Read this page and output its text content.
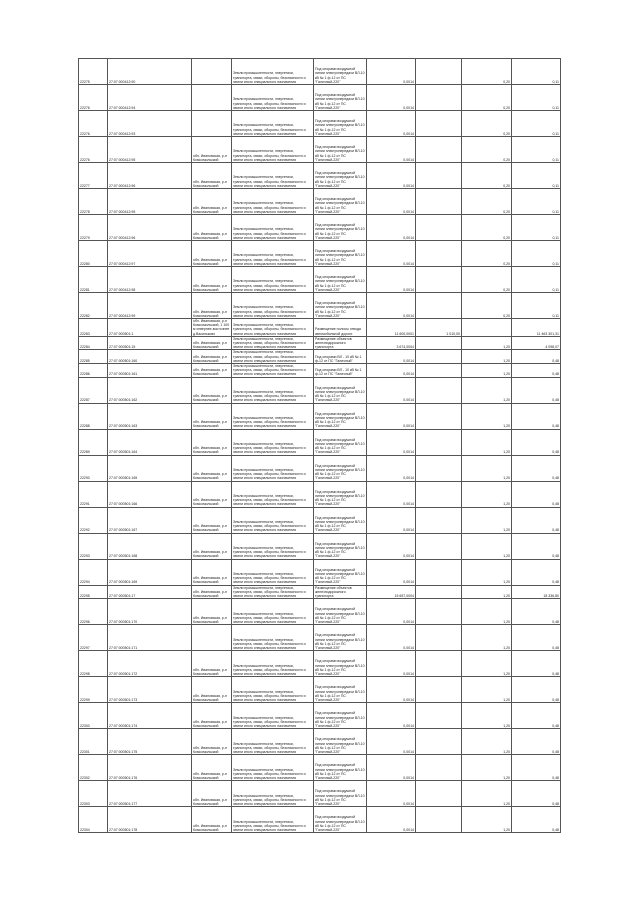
22275	27:07:000412:90		Земли промышленности, энергетики, транспорта, связи, обороны, безопасности и земли иного специального назначения	Под опорами воздушной линии электропередачи ВЛ-10 кВ № 1 ф-12 от ПС "Галичный-220"	0,0014		0,20	0,11
22276	27:07:000412:94		Земли промышленности, энергетики, транспорта, связи, обороны, безопасности и земли иного специального назначения	Под опорами воздушной линии электропередачи ВЛ-10 кВ № 1 ф-12 от ПС "Галичный-220"	0,0014		0,20	0,11
22276	27:07:000412:93		Земли промышленности, энергетики, транспорта, связи, обороны, безопасности и земли иного специального назначения	Под опорами воздушной линии электропередачи ВЛ-10 кВ № 1 ф-12 от ПС "Галичный-220"	0,0014		0,20	0,11
22276	27:07:000412:95	обл. Ивановская, р-н Комсомольский	Земли промышленности, энергетики, транспорта, связи, обороны, безопасности и земли иного специального назначения	Под опорами воздушной линии электропередачи ВЛ-10 кВ № 1 ф-12 от ПС "Галичный-220"	0,0014		0,20	0,11
22277	27:07:000412:96	обл. Ивановская, р-н Комсомольский	Земли промышленности, энергетики, транспорта, связи, обороны, безопасности и земли иного специального назначения	Под опорами воздушной линии электропередачи ВЛ-10 кВ № 1 ф-12 от ПС "Галичный-220"	0,0014		0,20	0,11
22278	27:07:000412:95	обл. Ивановская, р-н Комсомольский	Земли промышленности, энергетики, транспорта, связи, обороны, безопасности и земли иного специального назначения	Под опорами воздушной линии электропередачи ВЛ-10 кВ № 1 ф-12 от ПС "Галичный-220"	0,0014		0,20	0,11
22279	27:07:000412:96	обл. Ивановская, р-н Комсомольский	Земли промышленности, энергетики, транспорта, связи, обороны, безопасности и земли иного специального назначения	Под опорами воздушной линии электропередачи ВЛ-10 кВ № 1 ф-12 от ПС "Галичный-220"	0,0014		0,20	0,11
22280	27:07:000412:97	обл. Ивановская, р-н Комсомольский	Земли промышленности, энергетики, транспорта, связи, обороны, безопасности и земли иного специального назначения	Под опорами воздушной линии электропередачи ВЛ-10 кВ № 1 ф-12 от ПС "Галичный-220"	0,0014		0,20	0,11
22281	27:07:000412:98	обл. Ивановская, р-н Комсомольский	Земли промышленности, энергетики, транспорта, связи, обороны, безопасности и земли иного специального назначения	Под опорами воздушной линии электропередачи ВЛ-10 кВ № 1 ф-12 от ПС "Галичный-220"	0,0014		0,20	0,11
22282	27:07:000412:99	обл. Ивановская, р-н Комсомольский	Земли промышленности, энергетики, транспорта, связи, обороны, безопасности и земли иного специального назначения	Под опорами воздушной линии электропередачи ВЛ-10 кВ № 1 ф-12 от ПС "Галичный-220"	0,0014		0,20	0,11
22283	27:07:000501:1	обл. Ивановская, р-н Комсомольский, 1 100 м севернее-восточнее д.Васильково	Земли промышленности, энергетики, транспорта, связи, обороны, безопасности и земли иного специального назначения	Размещение полосы отвода автомобильной дороги	11 600,0001	1 010,00		11 463 301,31
22284	27:07:000501:15	обл. Ивановская, р-н Комсомольский	Земли промышленности, энергетики, транспорта, связи, обороны, безопасности и земли иного специального назначения	Размещение объектов железнодорожного транспорта	3 674,0004		1,20	4 098,07
22285	27:07:000501:160	обл. Ивановская, р-н Комсомольский	Земли промышленности, энергетики, транспорта, связи, обороны, безопасности и земли иного специального назначения	Под опорами ВЛ - 10 кВ № 1 ф-12 от ПС "Галичный"	0,0014		1,20	0,48
22286	27:07:000501:161	обл. Ивановская, р-н Комсомольский	Земли промышленности, энергетики, транспорта, связи, обороны, безопасности и земли иного специального назначения	Под опорами ВЛ - 10 кВ № 1 ф-12 от ПС "Галичный"	0,0014		1,20	0,48
22287	27:07:000501:162	обл. Ивановская, р-н Комсомольский	Земли промышленности, энергетики, транспорта, связи, обороны, безопасности и земли иного специального назначения	Под опорами воздушной линии электропередачи ВЛ-10 кВ № 1 ф-12 от ПС "Галичный-220"	0,0014		1,20	0,48
22288	27:07:000501:163	обл. Ивановская, р-н Комсомольский	Земли промышленности, энергетики, транспорта, связи, обороны, безопасности и земли иного специального назначения	Под опорами воздушной линии электропередачи ВЛ-10 кВ № 1 ф-12 от ПС "Галичный-220"	0,0014		1,20	0,48
22289	27:07:000501:164	обл. Ивановская, р-н Комсомольский	Земли промышленности, энергетики, транспорта, связи, обороны, безопасности и земли иного специального назначения	Под опорами воздушной линии электропередачи ВЛ-10 кВ № 1 ф-12 от ПС "Галичный-220"	0,0014		1,20	0,48
22290	27:07:000501:165	обл. Ивановская, р-н Комсомольский	Земли промышленности, энергетики, транспорта, связи, обороны, безопасности и земли иного специального назначения	Под опорами воздушной линии электропередачи ВЛ-10 кВ № 1 ф-12 от ПС "Галичный-220"	0,0014		1,20	0,48
22291	27:07:000501:166	обл. Ивановская, р-н Комсомольский	Земли промышленности, энергетики, транспорта, связи, обороны, безопасности и земли иного специального назначения	Под опорами воздушной линии электропередачи ВЛ-10 кВ № 1 ф-12 от ПС "Галичный-220"	0,0014		1,20	0,48
22292	27:07:000501:167	обл. Ивановская, р-н Комсомольский	Земли промышленности, энергетики, транспорта, связи, обороны, безопасности и земли иного специального назначения	Под опорами воздушной линии электропередачи ВЛ-10 кВ № 1 ф-12 от ПС "Галичный-220"	0,0014		1,20	0,48
22293	27:07:000501:168	обл. Ивановская, р-н Комсомольский	Земли промышленности, энергетики, транспорта, связи, обороны, безопасности и земли иного специального назначения	Под опорами воздушной линии электропередачи ВЛ-10 кВ № 1 ф-12 от ПС "Галичный-220"	0,0014		1,20	0,48
22294	27:07:000501:169	обл. Ивановская, р-н Комсомольский	Земли промышленности, энергетики, транспорта, связи, обороны, безопасности и земли иного специального назначения	Под опорами воздушной линии электропередачи ВЛ-10 кВ № 1 ф-12 от ПС "Галичный-220"	0,0014		1,20	0,48
22295	27:07:000501:17	обл. Ивановская, р-н Комсомольский	Земли промышленности, энергетики, транспорта, связи, обороны, безопасности и земли иного специального назначения	Размещение объектов железнодорожного транспорта	15 657,0004		1,20	18 336,80
22296	27:07:000501:170	обл. Ивановская, р-н Комсомольский	Земли промышленности, энергетики, транспорта, связи, обороны, безопасности и земли иного специального назначения	Под опорами воздушной линии электропередачи ВЛ-10 кВ № 1 ф-12 от ПС "Галичный-220"	0,0014		1,20	0,48
22297	27:07:000501:171		Земли промышленности, энергетики, транспорта, связи, обороны, безопасности и земли иного специального назначения	Под опорами воздушной линии электропередачи ВЛ-10 кВ № 1 ф-12 от ПС "Галичный-220"	0,0014		1,20	0,48
22298	27:07:000501:172	обл. Ивановская, р-н Комсомольский	Земли промышленности, энергетики, транспорта, связи, обороны, безопасности и земли иного специального назначения	Под опорами воздушной линии электропередачи ВЛ-10 кВ № 1 ф-12 от ПС "Галичный-220"	0,0014		1,20	0,48
22299	27:07:000501:173	обл. Ивановская, р-н Комсомольский	Земли промышленности, энергетики, транспорта, связи, обороны, безопасности и земли иного специального назначения	Под опорами воздушной линии электропередачи ВЛ-10 кВ № 1 ф-12 от ПС "Галичный-220"	0,0014		1,20	0,48
22300	27:07:000501:174	обл. Ивановская, р-н Комсомольский	Земли промышленности, энергетики, транспорта, связи, обороны, безопасности и земли иного специального назначения	Под опорами воздушной линии электропередачи ВЛ-10 кВ № 1 ф-12 от ПС "Галичный-220"	0,0014		1,20	0,48
22301	27:07:000501:175	обл. Ивановская, р-н Комсомольский	Земли промышленности, энергетики, транспорта, связи, обороны, безопасности и земли иного специального назначения	Под опорами воздушной линии электропередачи ВЛ-10 кВ № 1 ф-12 от ПС "Галичный-220"	0,0014		1,20	0,48
22302	27:07:000501:176	обл. Ивановская, р-н Комсомольский	Земли промышленности, энергетики, транспорта, связи, обороны, безопасности и земли иного специального назначения	Под опорами воздушной линии электропередачи ВЛ-10 кВ № 1 ф-12 от ПС "Галичный-220"	0,0014		1,20	0,48
22303	27:07:000501:177	обл. Ивановская, р-н Комсомольский	Земли промышленности, энергетики, транспорта, связи, обороны, безопасности и земли иного специального назначения	Под опорами воздушной линии электропередачи ВЛ-10 кВ № 1 ф-12 от ПС "Галичный-220"	0,0014		1,20	0,48
22304	27:07:000501:178	обл. Ивановская, р-н Комсомольский	Земли промышленности, энергетики, транспорта, связи, обороны, безопасности и земли иного специального назначения	Под опорами воздушной линии электропередачи ВЛ-10 кВ № 1 ф-12 от ПС "Галичный-220"	0,0014		1,20	0,48
